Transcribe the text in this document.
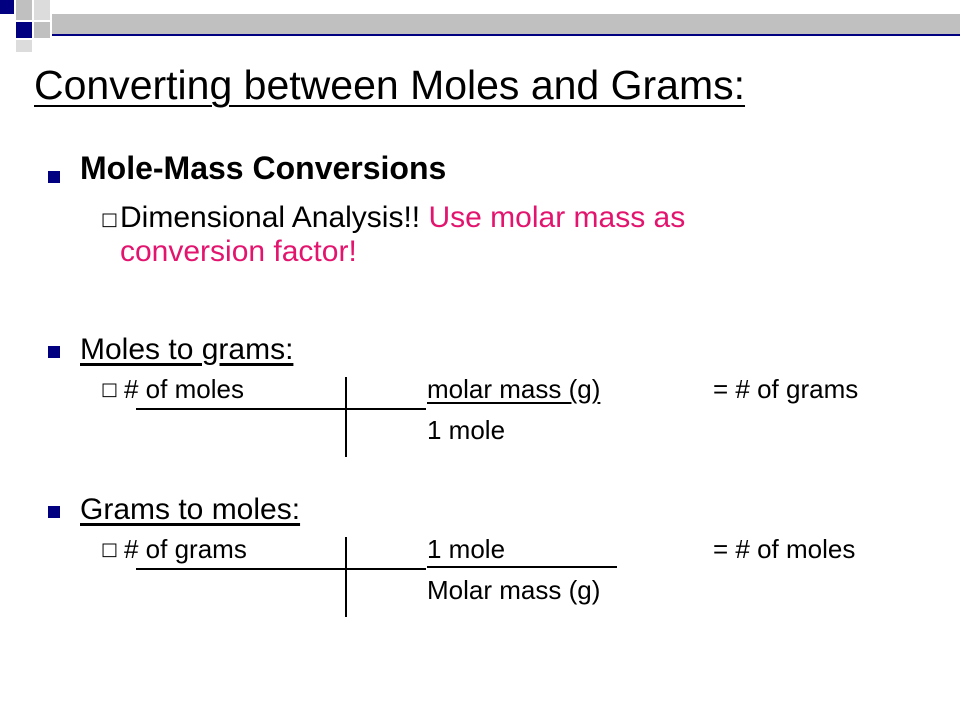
Converting between Moles and Grams:
Mole-Mass Conversions
□ Dimensional Analysis!! Use molar mass as
conversion factor!
Moles to grams:
□ # of moles	molar mass (g)	= # of grams
1 mole
Grams to moles:
□ # of grams	1 mole	= # of moles
Molar mass (g)
